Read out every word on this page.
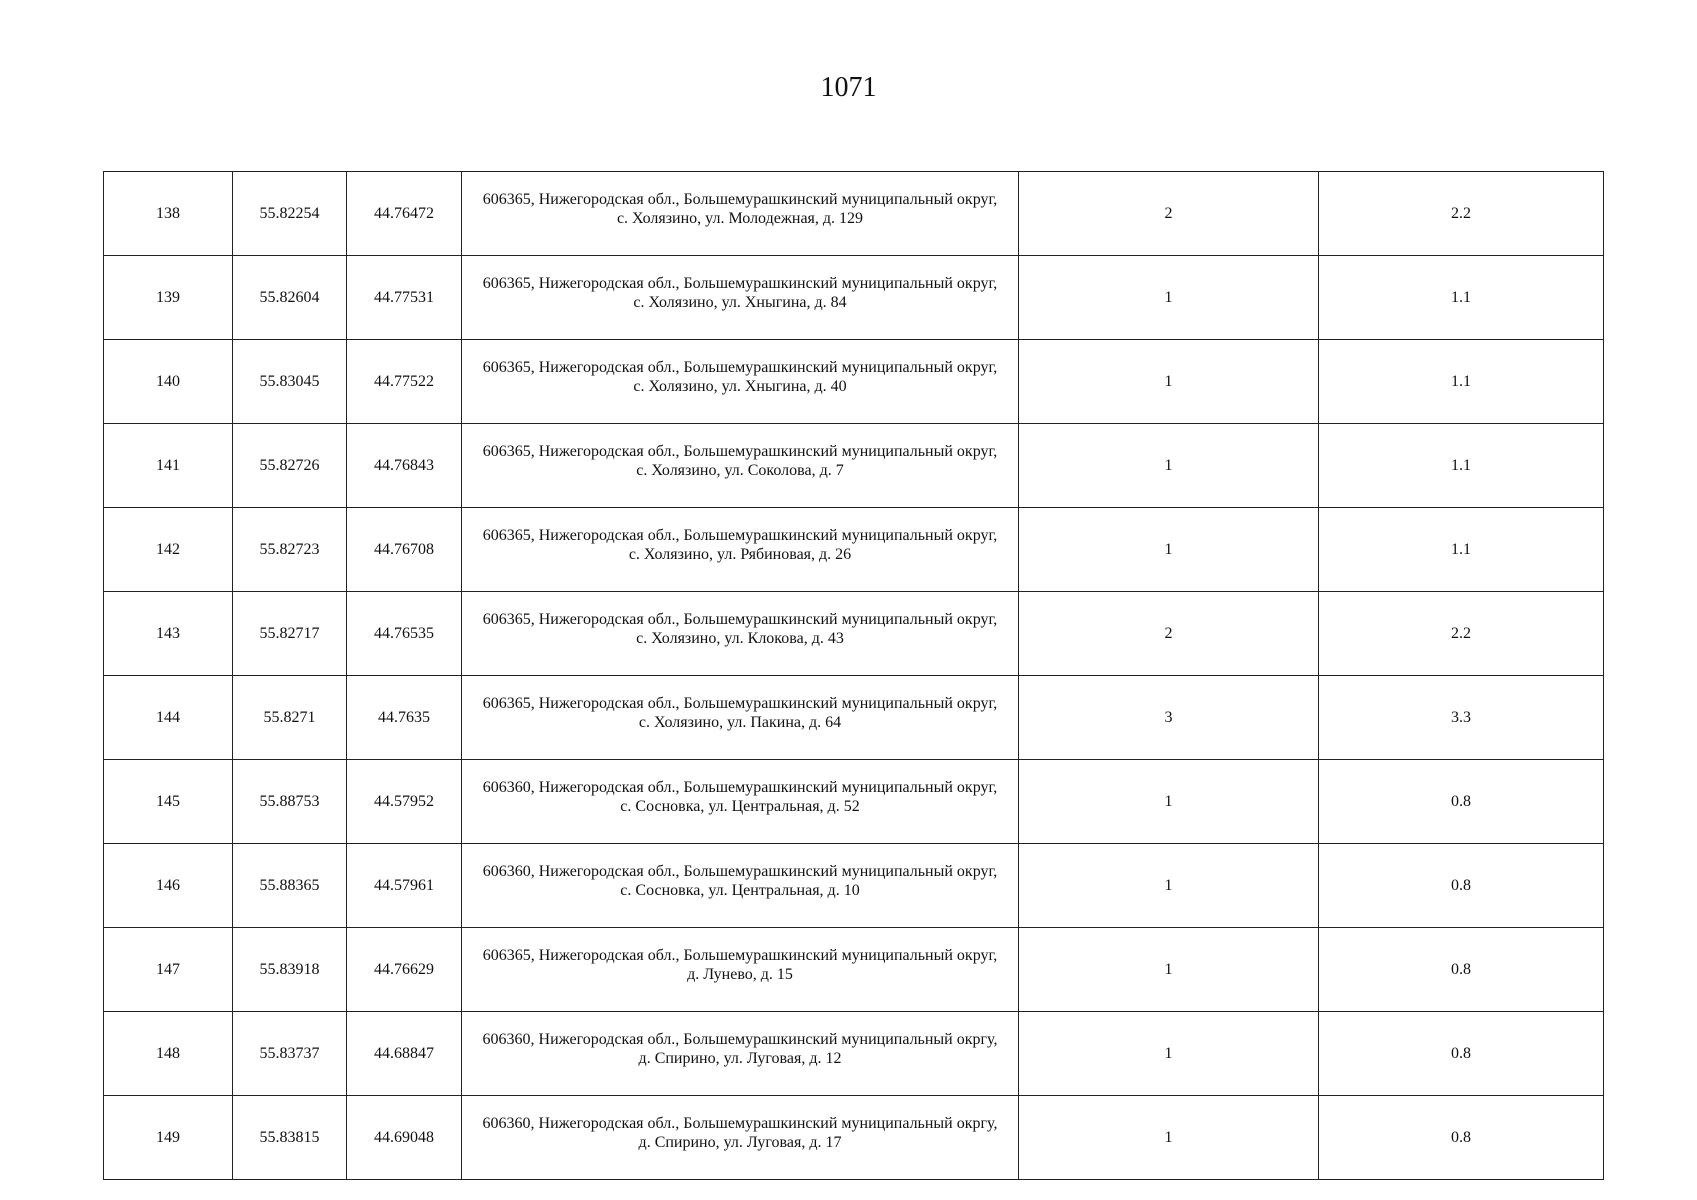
1071
138	55.82254	44.76472	606365, Нижегородская обл., Большемурашкинский муниципальный округ,
с. Холязино, ул. Молодежная, д. 129	2	2.2
139	55.82604	44.77531	606365, Нижегородская обл., Большемурашкинский муниципальный округ,
с. Холязино, ул. Хныгина, д. 84	1	1.1
140	55.83045	44.77522	606365, Нижегородская обл., Большемурашкинский муниципальный округ,
с. Холязино, ул. Хныгина, д. 40	1	1.1
141	55.82726	44.76843	606365, Нижегородская обл., Большемурашкинский муниципальный округ,
с. Холязино, ул. Соколова, д. 7	1	1.1
142	55.82723	44.76708	606365, Нижегородская обл., Большемурашкинский муниципальный округ,
с. Холязино, ул. Рябиновая, д. 26	1	1.1
143	55.82717	44.76535	606365, Нижегородская обл., Большемурашкинский муниципальный округ,
с. Холязино, ул. Клокова, д. 43	2	2.2
144	55.8271	44.7635	606365, Нижегородская обл., Большемурашкинский муниципальный округ,
с. Холязино, ул. Пакина, д. 64	3	3.3
145	55.88753	44.57952	606360, Нижегородская обл., Большемурашкинский муниципальный округ,
с. Сосновка, ул. Центральная, д. 52	1	0.8
146	55.88365	44.57961	606360, Нижегородская обл., Большемурашкинский муниципальный округ,
с. Сосновка, ул. Центральная, д. 10	1	0.8
147	55.83918	44.76629	606365, Нижегородская обл., Большемурашкинский муниципальный округ,
д. Лунево, д. 15	1	0.8
148	55.83737	44.68847	606360, Нижегородская обл., Большемурашкинский муниципальный окргу,
д. Спирино, ул. Луговая, д. 12	1	0.8
149	55.83815	44.69048	606360, Нижегородская обл., Большемурашкинский муниципальный окргу,
д. Спирино, ул. Луговая, д. 17	1	0.8
